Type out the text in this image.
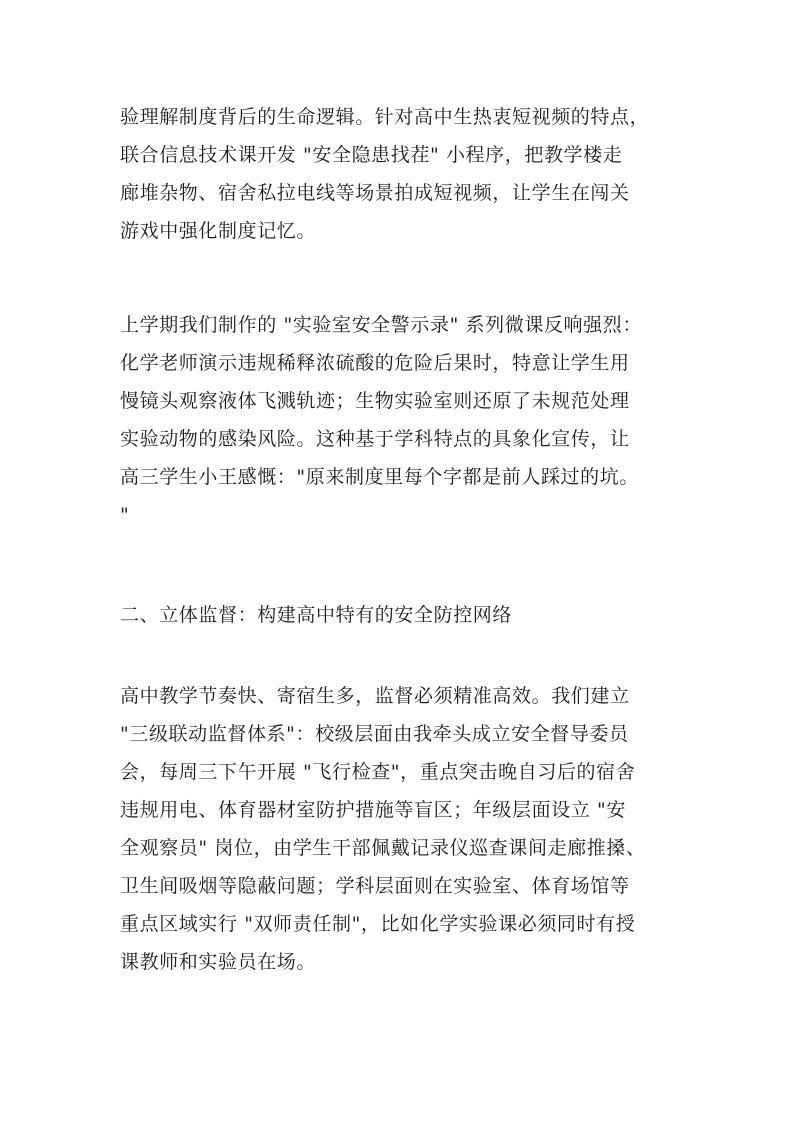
验理解制度背后的生命逻辑。针对高中生热衷短视频的特点，

联合信息技术课开发 "安全隐患找茬" 小程序，把教学楼走

廊堆杂物、宿舍私拉电线等场景拍成短视频，让学生在闯关

游戏中强化制度记忆。

上学期我们制作的 "实验室安全警示录" 系列微课反响强烈：

化学老师演示违规稀释浓硫酸的危险后果时，特意让学生用

慢镜头观察液体飞溅轨迹；生物实验室则还原了未规范处理

实验动物的感染风险。这种基于学科特点的具象化宣传，让

高三学生小王感慨："原来制度里每个字都是前人踩过的坑。

"

二、立体监督：构建高中特有的安全防控网络

高中教学节奏快、寄宿生多，监督必须精准高效。我们建立

"三级联动监督体系"：校级层面由我牵头成立安全督导委员

会，每周三下午开展 "飞行检查"，重点突击晚自习后的宿舍

违规用电、体育器材室防护措施等盲区；年级层面设立 "安

全观察员" 岗位，由学生干部佩戴记录仪巡查课间走廊推搡、

卫生间吸烟等隐蔽问题；学科层面则在实验室、体育场馆等

重点区域实行 "双师责任制"，比如化学实验课必须同时有授

课教师和实验员在场。
